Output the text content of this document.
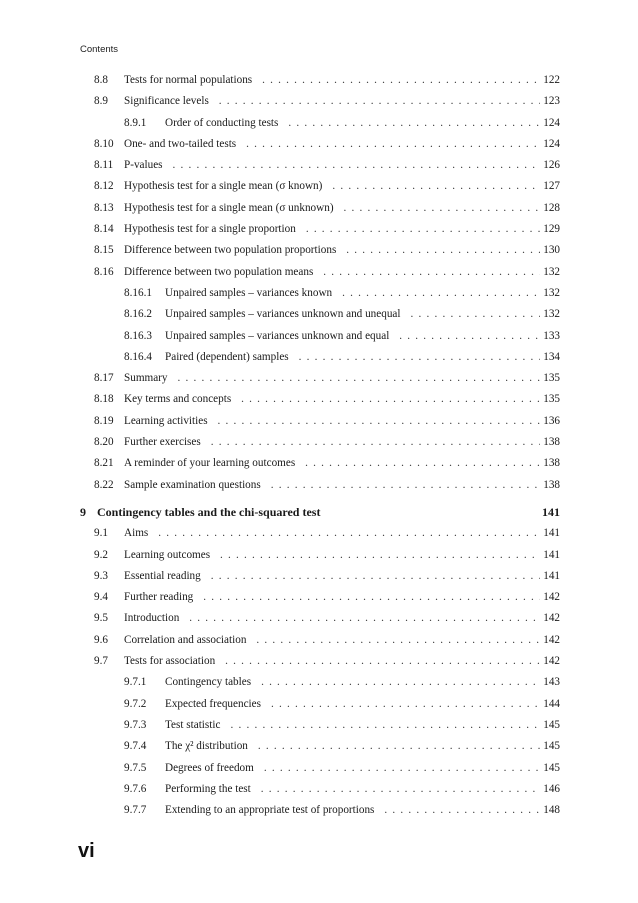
Contents
8.8 Tests for normal populations . . .	122
8.9 Significance levels . . .	123
8.9.1 Order of conducting tests . . .	124
8.10 One- and two-tailed tests . . .	124
8.11 P-values . . .	126
8.12 Hypothesis test for a single mean (σ known) . . .	127
8.13 Hypothesis test for a single mean (σ unknown) . . .	128
8.14 Hypothesis test for a single proportion . . .	129
8.15 Difference between two population proportions . . .	130
8.16 Difference between two population means . . .	132
8.16.1 Unpaired samples – variances known . . .	132
8.16.2 Unpaired samples – variances unknown and unequal . . .	132
8.16.3 Unpaired samples – variances unknown and equal . . .	133
8.16.4 Paired (dependent) samples . . .	134
8.17 Summary . . .	135
8.18 Key terms and concepts . . .	135
8.19 Learning activities . . .	136
8.20 Further exercises . . .	138
8.21 A reminder of your learning outcomes . . .	138
8.22 Sample examination questions . . .	138
9 Contingency tables and the chi-squared test	141
9.1 Aims . . .	141
9.2 Learning outcomes . . .	141
9.3 Essential reading . . .	141
9.4 Further reading . . .	142
9.5 Introduction . . .	142
9.6 Correlation and association . . .	142
9.7 Tests for association . . .	142
9.7.1 Contingency tables . . .	143
9.7.2 Expected frequencies . . .	144
9.7.3 Test statistic . . .	145
9.7.4 The χ² distribution . . .	145
9.7.5 Degrees of freedom . . .	145
9.7.6 Performing the test . . .	146
9.7.7 Extending to an appropriate test of proportions . . .	148
vi
